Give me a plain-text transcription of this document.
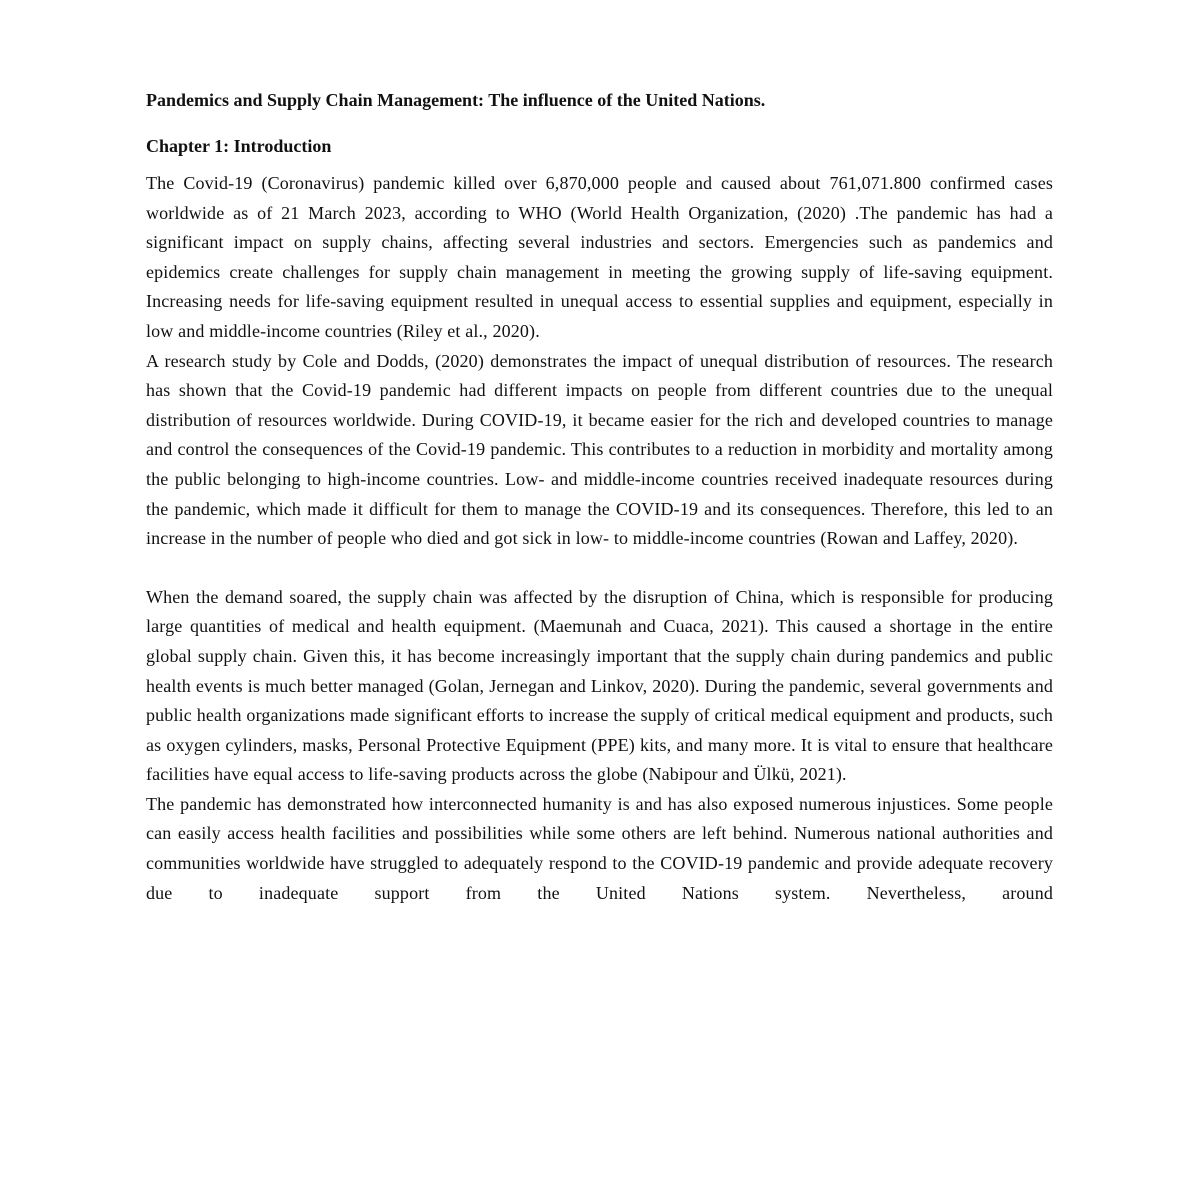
Pandemics and Supply Chain Management: The influence of the United Nations.
Chapter 1: Introduction

The Covid-19 (Coronavirus) pandemic killed over 6,870,000 people and caused about 761,071.800 confirmed cases worldwide as of 21 March 2023, according to WHO (World Health Organization, (2020) .The pandemic has had a significant impact on supply chains, affecting several industries and sectors. Emergencies such as pandemics and epidemics create challenges for supply chain management in meeting the growing supply of life-saving equipment. Increasing needs for life-saving equipment resulted in unequal access to essential supplies and equipment, especially in low and middle-income countries (Riley et al., 2020).

A research study by Cole and Dodds, (2020) demonstrates the impact of unequal distribution of resources. The research has shown that the Covid-19 pandemic had different impacts on people from different countries due to the unequal distribution of resources worldwide. During COVID-19, it became easier for the rich and developed countries to manage and control the consequences of the Covid-19 pandemic. This contributes to a reduction in morbidity and mortality among the public belonging to high-income countries. Low- and middle-income countries received inadequate resources during the pandemic, which made it difficult for them to manage the COVID-19 and its consequences. Therefore, this led to an increase in the number of people who died and got sick in low- to middle-income countries (Rowan and Laffey, 2020).

When the demand soared, the supply chain was affected by the disruption of China, which is responsible for producing large quantities of medical and health equipment. (Maemunah and Cuaca, 2021). This caused a shortage in the entire global supply chain. Given this, it has become increasingly important that the supply chain during pandemics and public health events is much better managed (Golan, Jernegan and Linkov, 2020). During the pandemic, several governments and public health organizations made significant efforts to increase the supply of critical medical equipment and products, such as oxygen cylinders, masks, Personal Protective Equipment (PPE) kits, and many more. It is vital to ensure that healthcare facilities have equal access to life-saving products across the globe (Nabipour and Ülkü, 2021).

The pandemic has demonstrated how interconnected humanity is and has also exposed numerous injustices. Some people can easily access health facilities and possibilities while some others are left behind. Numerous national authorities and communities worldwide have struggled to adequately respond to the COVID-19 pandemic and provide adequate recovery due to inadequate support from the United Nations system. Nevertheless, around
